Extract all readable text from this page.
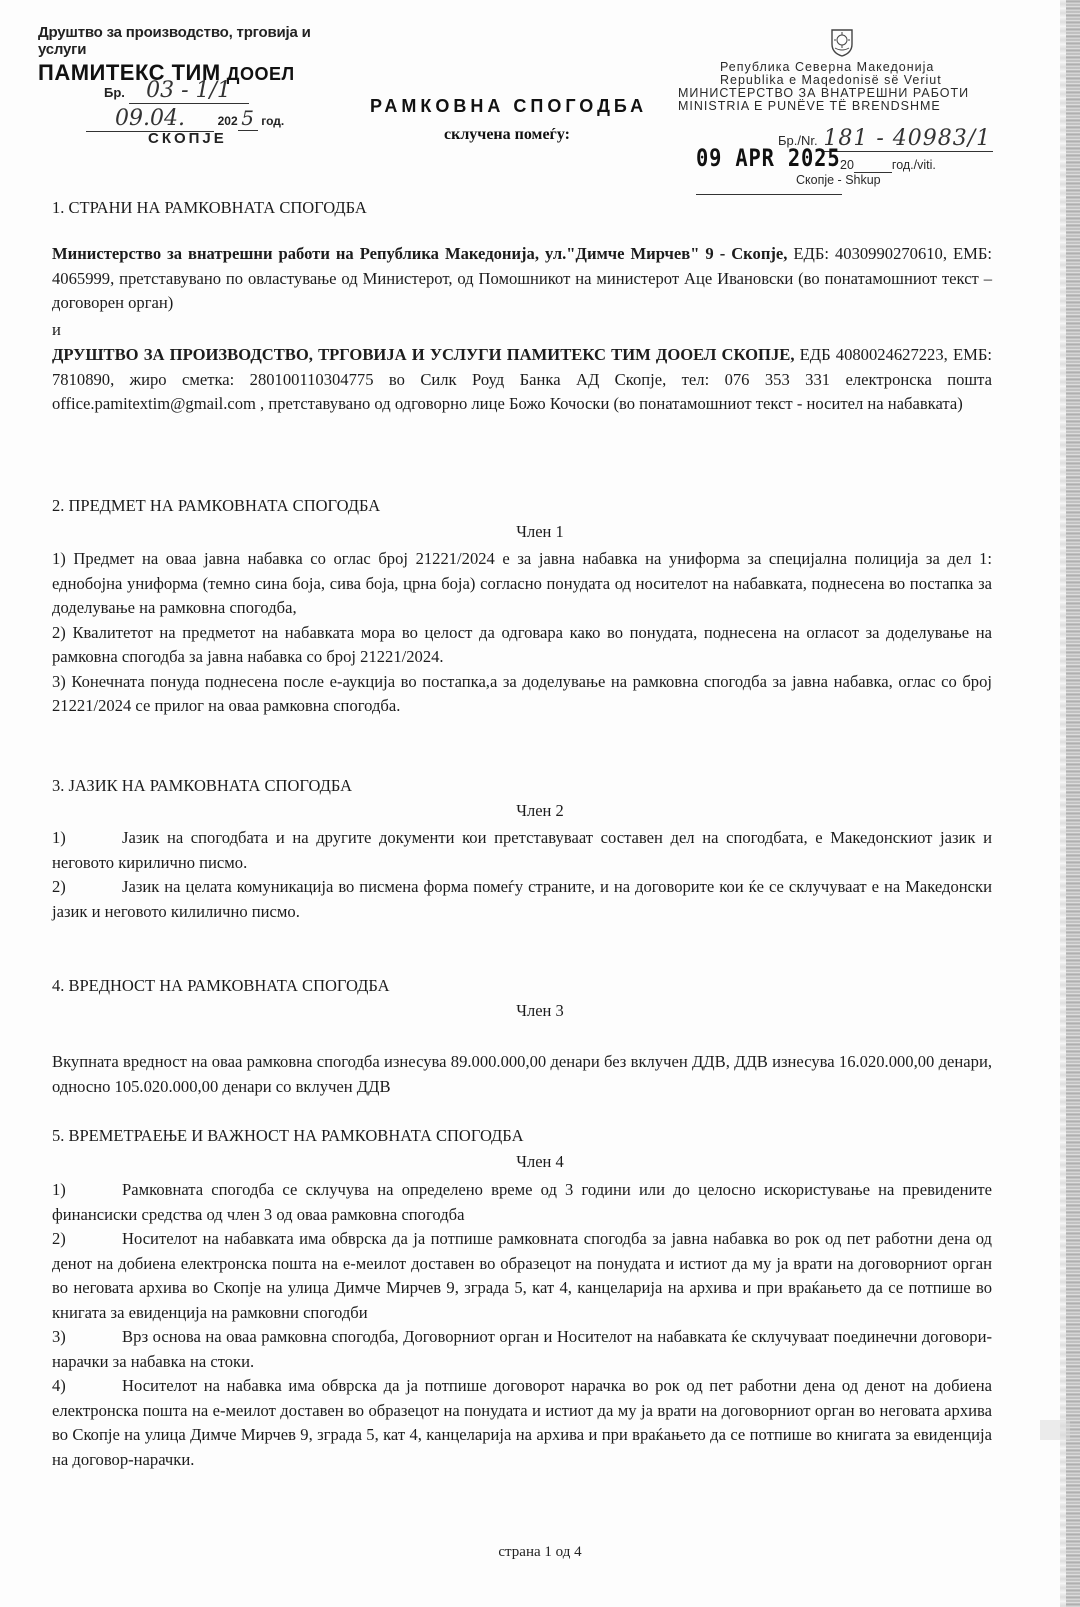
Друштво за производство, трговија и услуги
ПАМИТЕКС ТИМ ДООЕЛ
Бр. 03 - 1/1
09.04.	202 5 год.
СКОПЈЕ
РАМКОВНА СПОГОДБА
склучена помеѓу:
Република Северна Македонија
Republika e Maqedonisë së Veriut
МИНИСТЕРСТВО ЗА ВНАТРЕШНИ РАБОТИ
MINISTRIA E PUNËVE TË BRENDSHME
Бр./Nr. 181 - 40983/1
09 APR 2025 20	год./viti.

Скопје - Shkup
1. СТРАНИ НА РАМКОВНАТА СПОГОДБА
Министерство за внатрешни работи на Република Македонија, ул."Димче Мирчев" 9 - Скопје, ЕДБ: 4030990270610, ЕМБ: 4065999, претставувано по овластување од Министерот, од Помошникот на министерот Аце Ивановски (во понатамошниот текст – договорен орган)
и
ДРУШТВО ЗА ПРОИЗВОДСТВО, ТРГОВИЈА И УСЛУГИ ПАМИТЕКС ТИМ ДООЕЛ СКОПЈЕ, ЕДБ 4080024627223, ЕМБ: 7810890, жиро сметка: 280100110304775 во Силк Роуд Банка АД Скопје, тел: 076 353 331 електронска пошта office.pamitextim@gmail.com , претставувано од одговорно лице Божо Кочоски (во понатамошниот текст - носител на набавката)
2. ПРЕДМЕТ НА РАМКОВНАТА СПОГОДБА
Член 1
1) Предмет на оваа јавна набавка со оглас број 21221/2024 е за јавна набавка на униформа за специјална полиција за дел 1: еднобојна униформа (темно сина боја, сива боја, црна боја) согласно понудата од носителот на набавката, поднесена во постапка за доделување на рамковна спогодба,
2) Квалитетот на предметот на набавката мора во целост да одговара како во понудата, поднесена на огласот за доделување на рамковна спогодба за јавна набавка со број 21221/2024.
3) Конечната понуда поднесена после е-аукција во постапка,а за доделување на рамковна спогодба за јавна набавка, оглас со број 21221/2024 се прилог на оваа рамковна спогодба.
3. ЈАЗИК НА РАМКОВНАТА СПОГОДБА
Член 2
1)	Јазик на спогодбата и на другите документи кои претставуваат составен дел на спогодбата, е Македонскиот јазик и неговото кирилично писмо.
2)	Јазик на целата комуникација во писмена форма помеѓу страните, и на договорите кои ќе се склучуваат е на Македонски јазик и неговото килилично писмо.
4. ВРЕДНОСТ НА РАМКОВНАТА СПОГОДБА
Член 3
Вкупната вредност на оваа рамковна спогодба изнесува 89.000.000,00 денари без вклучен ДДВ, ДДВ изнесува 16.020.000,00 денари, односно 105.020.000,00 денари со вклучен ДДВ
5. ВРЕМЕТРАЕЊЕ И ВАЖНОСТ НА РАМКОВНАТА СПОГОДБА
Член 4
1)	Рамковната спогодба се склучува на определено време од 3 години или до целосно искористување на превидените финансиски средства од член 3 од оваа рамковна спогодба
2)	Носителот на набавката има обврска да ја потпише рамковната спогодба за јавна набавка во рок од пет работни дена од денот на добиена електронска пошта на е-меилот доставен во образецот на понудата и истиот да му ја врати на договорниот орган во неговата архива во Скопје на улица Димче Мирчев 9, зграда 5, кат 4, канцеларија на архива и при враќањето да се потпише во книгата за евиденција на рамковни спогодби
3)	Врз основа на оваа рамковна спогодба, Договорниот орган и Носителот на набавката ќе склучуваат поединечни договори-нарачки за набавка на стоки.
4)	Носителот на набавка има обврска да ја потпише договорот нарачка во рок од пет работни дена од денот на добиена електронска пошта на е-меилот доставен во образецот на понудата и истиот да му ја врати на договорниот орган во неговата архива во Скопје на улица Димче Мирчев 9, зграда 5, кат 4, канцеларија на архива и при враќањето да се потпише во книгата за евиденција на договор-нарачки.
страна 1 од 4
